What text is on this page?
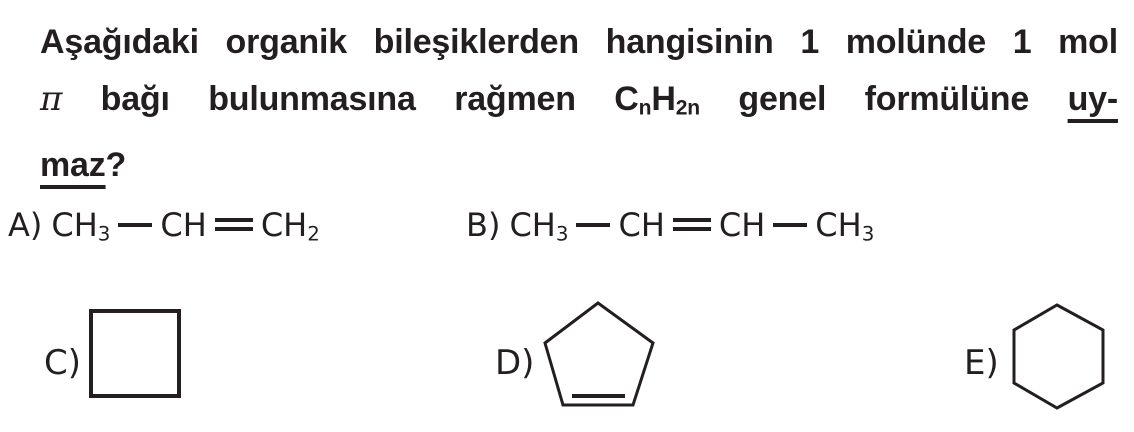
Aşağıdaki organik bileşiklerden hangisinin 1 molünde 1 mol
π bağı bulunmasına rağmen $C_nH_{2n}$ genel formülüne uy-
maz?
A) $CH_3$ CH $CH_2$	B) $CH_3$ CH CH $CH_3$
C)	D)	E)
